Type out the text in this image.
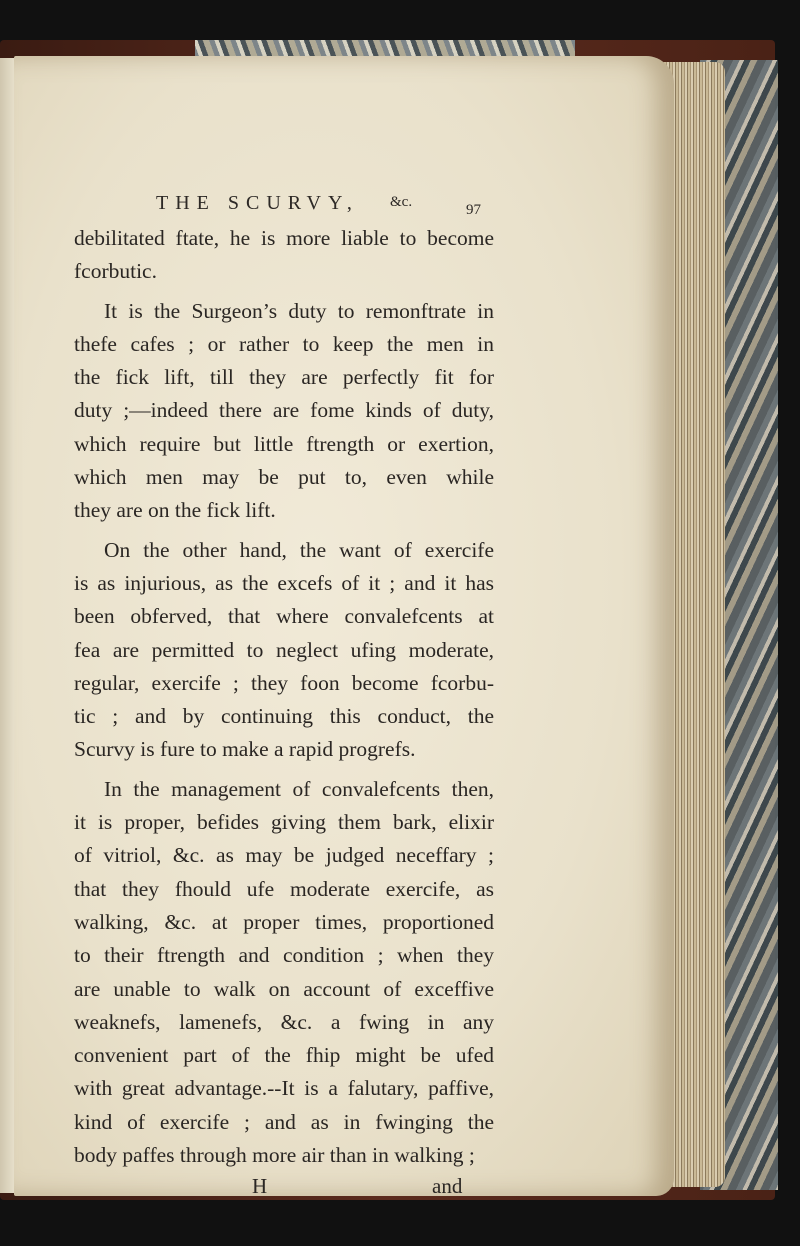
THE SCURVY, &c.	97
debilitated ftate, he is more liable to become
fcorbutic.
It is the Surgeon’s duty to remonftrate in
thefe cafes ; or rather to keep the men in
the fick lift, till they are perfectly fit for
duty ;—indeed there are fome kinds of duty,
which require but little ftrength or exertion,
which men may be put to, even while
they are on the fick lift.
On the other hand, the want of exercife
is as injurious, as the excefs of it ; and it has
been obferved, that where convalefcents at
fea are permitted to neglect ufing moderate,
regular, exercife ; they foon become fcorbu-
tic ; and by continuing this conduct, the
Scurvy is fure to make a rapid progrefs.
In the management of convalefcents then,
it is proper, befides giving them bark, elixir
of vitriol, &c. as may be judged neceffary ;
that they fhould ufe moderate exercife, as
walking, &c. at proper times, proportioned
to their ftrength and condition ; when they
are unable to walk on account of exceffive
weaknefs, lamenefs, &c. a fwing in any
convenient part of the fhip might be ufed
with great advantage.--It is a falutary, paffive,
kind of exercife ; and as in fwinging the
body paffes through more air than in walking ;
H	and
